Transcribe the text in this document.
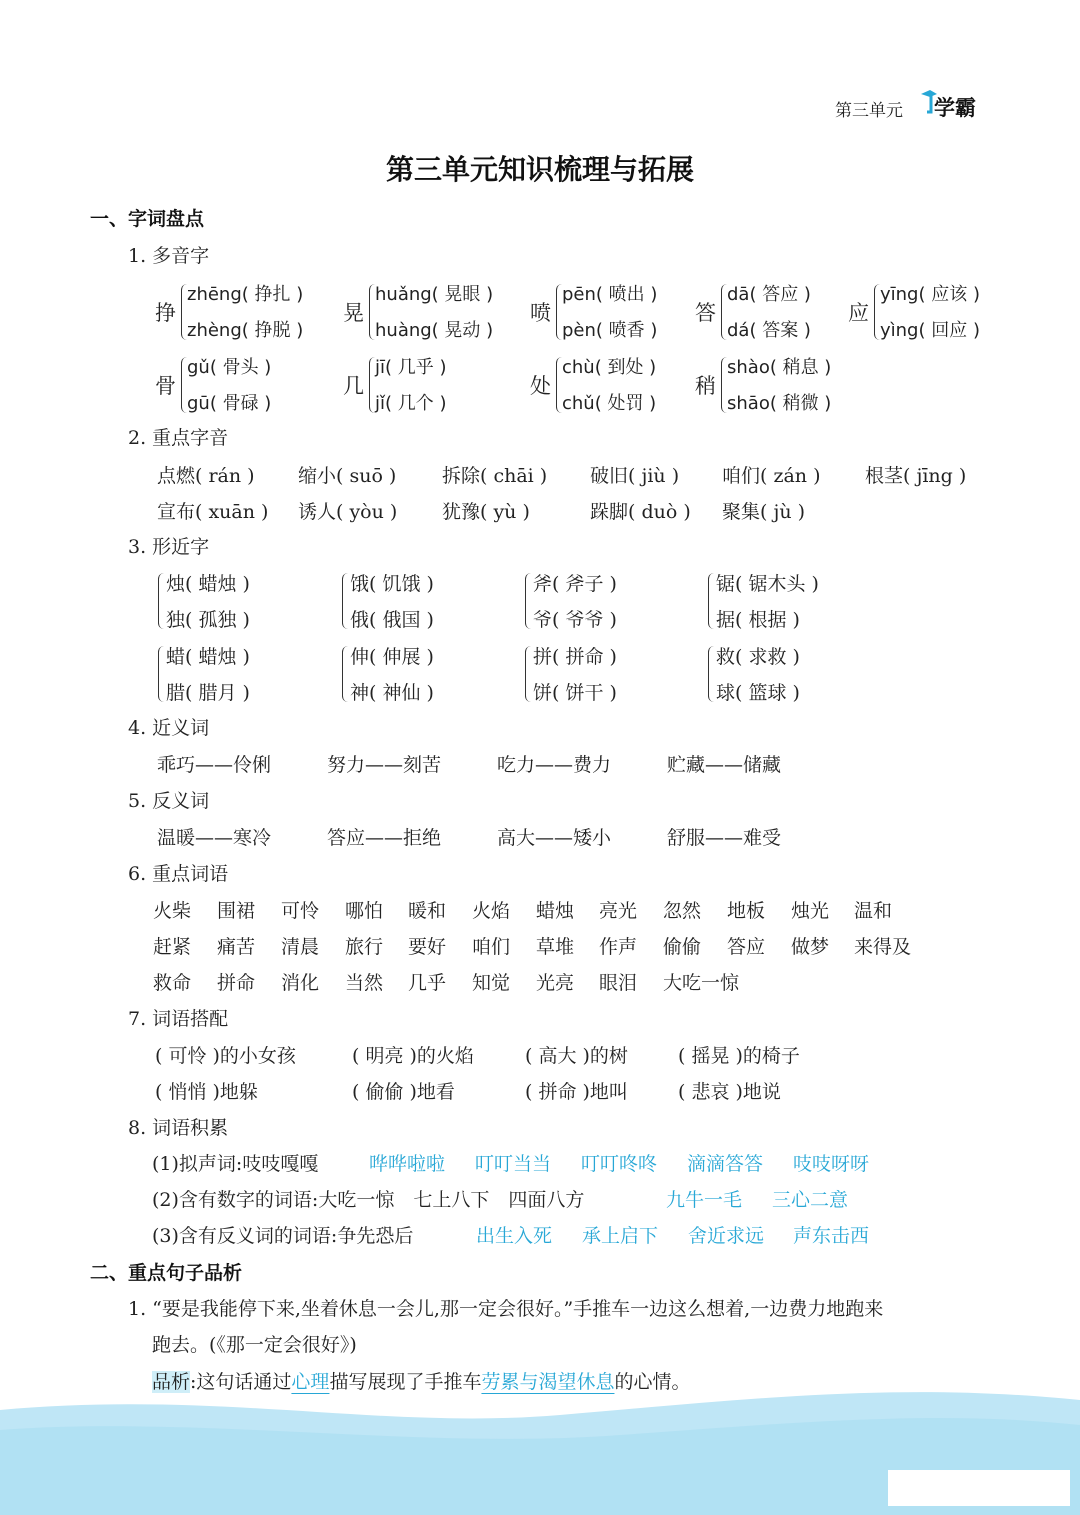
第三单元 学霸
第三单元知识梳理与拓展
一、字词盘点
1. 多音字
挣
zhēng( 挣扎 )
zhèng( 挣脱 )
晃
huǎng( 晃眼 )
huàng( 晃动 )
喷
pēn( 喷出 )
pèn( 喷香 )
答
dā( 答应 )
dá( 答案 )
应
yīng( 应该 )
yìng( 回应 )
骨
gǔ( 骨头 )
gū( 骨碌 )
几
jī( 几乎 )
jǐ( 几个 )
处
chù( 到处 )
chǔ( 处罚 )
稍
shào( 稍息 )
shāo( 稍微 )
2. 重点字音
点燃( rán ) 缩小( suō ) 拆除( chāi ) 破旧( jiù ) 咱们( zán ) 根茎( jīng )
宣布( xuān ) 诱人( yòu ) 犹豫( yù )	跺脚( duò ) 聚集( jù )
3. 形近字
烛( 蜡烛 )
独( 孤独 )
饿( 饥饿 )
俄( 俄国 )
斧( 斧子 )
爷( 爷爷 )
锯( 锯木头 )
据( 根据 )
蜡( 蜡烛 )
腊( 腊月 )
伸( 伸展 )
神( 神仙 )
拼( 拼命 )
饼( 饼干 )
救( 求救 )
球( 篮球 )
4. 近义词
乖巧——伶俐	努力——刻苦	吃力——费力	贮藏——储藏
5. 反义词
温暖——寒冷	答应——拒绝	高大——矮小	舒服——难受
6. 重点词语
火柴 围裙 可怜 哪怕 暖和 火焰 蜡烛 亮光 忽然 地板 烛光 温和
赶紧 痛苦 清晨 旅行 要好 咱们 草堆 作声 偷偷 答应 做梦 来得及
救命 拼命 消化 当然 几乎 知觉 光亮 眼泪 大吃一惊
7. 词语搭配
( 可怜 )的小女孩	( 明亮 )的火焰	( 高大 )的树	( 摇晃 )的椅子
( 悄悄 )地躲	( 偷偷 )地看	( 拼命 )地叫	( 悲哀 )地说
8. 词语积累
(1)拟声词:吱吱嘎嘎	哗哗啦啦 叮叮当当 叮叮咚咚 滴滴答答 吱吱呀呀
(2)含有数字的词语:大吃一惊　七上八下　四面八方	九牛一毛 三心二意
(3)含有反义词的词语:争先恐后	出生入死 承上启下 舍近求远 声东击西
二、重点句子品析
1. “要是我能停下来,坐着休息一会儿,那一定会很好。”手推车一边这么想着,一边费力地跑来
跑去。(《那一定会很好》)
品析:这句话通过心理描写展现了手推车劳累与渴望休息的心情。
